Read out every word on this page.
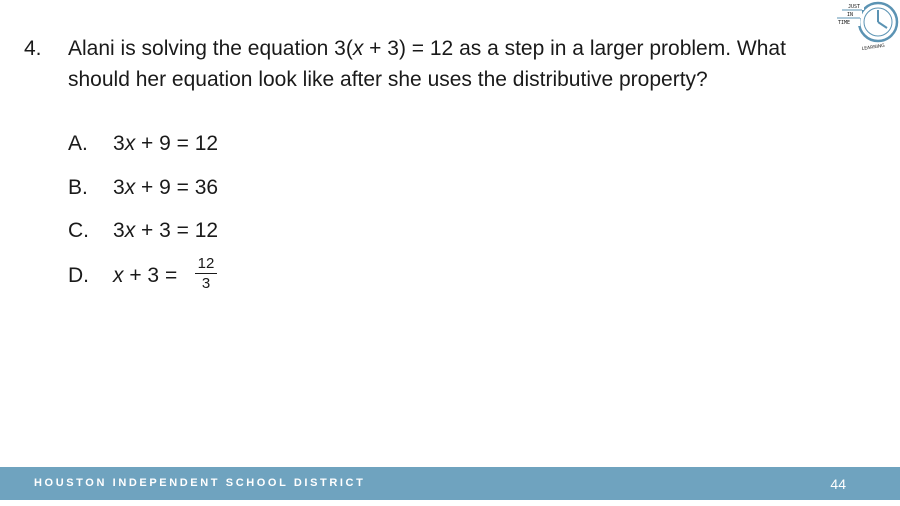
JUST
IN
TIME
LEARNING
4. Alani is solving the equation 3(x + 3) = 12 as a step in a larger problem. What
should her equation look like after she uses the distributive property?
A. 3x + 9 = 12
B. 3x + 9 = 36
C. 3x + 3 = 12
D. $x + 3 = \frac{12}{3}$
HOUSTON INDEPENDENT SCHOOL DISTRICT	44
